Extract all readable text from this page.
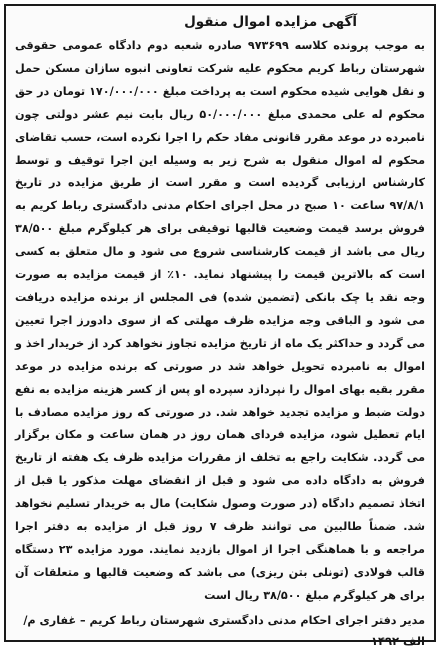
آگهی مزایده اموال منقول

به موجب پرونده کلاسه ۹۷۳۶۹۹ صادره شعبه دوم دادگاه عمومی حقوقی شهرستان رباط کریم محکوم علیه شرکت تعاونی انبوه سازان مسکن حمل و نقل هوایی شیده محکوم است به پرداخت مبلغ ۱۷۰/۰۰۰/۰۰۰ تومان در حق محکوم له علی محمدی مبلغ ۵۰/۰۰۰/۰۰۰ ریال بابت نیم عشر دولتی چون نامبرده در موعد مقرر قانونی مفاد حکم را اجرا نکرده است، حسب تقاضای محکوم له اموال منقول به شرح زیر به وسیله این اجرا توقیف و توسط کارشناس ارزیابی گردیده است و مقرر است از طریق مزایده در تاریخ ۹۷/۸/۱ ساعت ۱۰ صبح در محل اجرای احکام مدنی دادگستری رباط کریم به فروش برسد قیمت وضعیت قالبها توقیفی برای هر کیلوگرم مبلغ ۳۸/۵۰۰ ریال می باشد از قیمت کارشناسی شروع می شود و مال متعلق به کسی است که بالاترین قیمت را پیشنهاد نماید. ۱۰٪ از قیمت مزایده به صورت وجه نقد یا چک بانکی (تضمین شده) فی المجلس از برنده مزایده دریافت می شود و الباقی وجه مزایده ظرف مهلتی که از سوی دادورز اجرا تعیین می گردد و حداکثر یک ماه از تاریخ مزایده تجاوز نخواهد کرد از خریدار اخذ و اموال به نامبرده تحویل خواهد شد در صورتی که برنده مزایده در موعد مقرر بقیه بهای اموال را نپردازد سپرده او پس از کسر هزینه مزایده به نفع دولت ضبط و مزایده تجدید خواهد شد. در صورتی که روز مزایده مصادف با ایام تعطیل شود، مزایده فردای همان روز در همان ساعت و مکان برگزار می گردد. شکایت راجع به تخلف از مقررات مزایده ظرف یک هفته از تاریخ فروش به دادگاه داده می شود و قبل از انقضای مهلت مذکور یا قبل از اتخاذ تصمیم دادگاه (در صورت وصول شکایت) مال به خریدار تسلیم نخواهد شد. ضمناً طالبین می توانند ظرف ۷ روز قبل از مزایده به دفتر اجرا مراجعه و با هماهنگی اجرا از اموال بازدید نمایند. مورد مزایده ۲۳ دستگاه قالب فولادی (تونلی بتن ریزی) می باشد که وضعیت قالبها و متعلقات آن برای هر کیلوگرم مبلغ ۳۸/۵۰۰ ریال است

مدیر دفتر اجرای احکام مدنی دادگستری شهرستان رباط کریم – غفاری م/

الف ۱۴۹۲
